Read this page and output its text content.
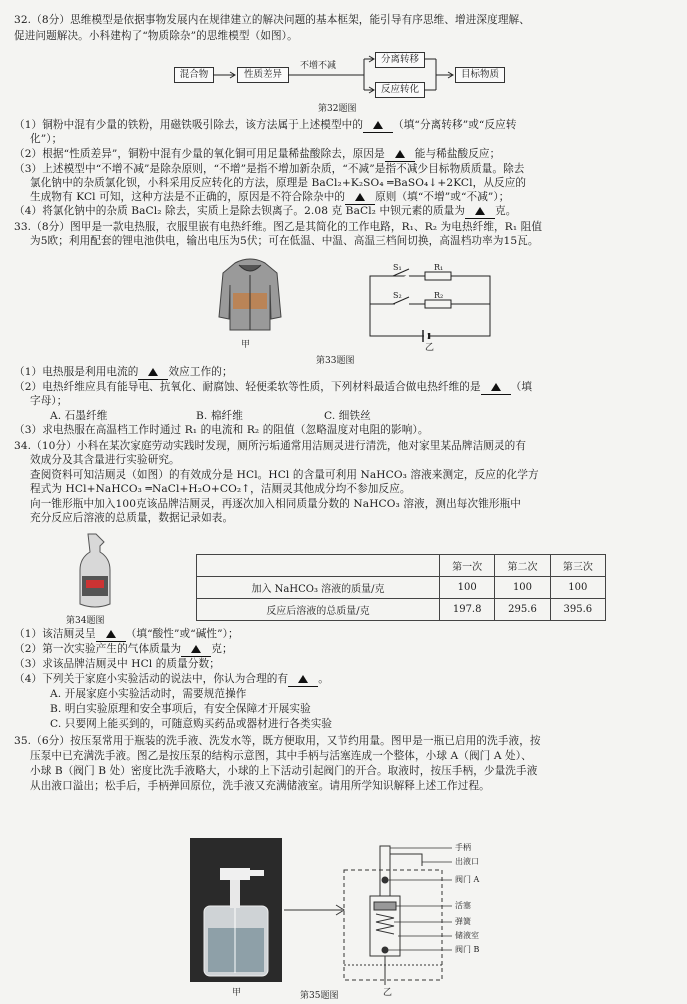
32.（8分）思维模型是依据事物发展内在规律建立的解决问题的基本框架，能引导有序思维、增进深度理解、
促进问题解决。小科建构了“物质除杂”的思维模型（如图）。
混合物	性质差异
不增不减
分离转移
反应转化
目标物质
第32题图
（1）铜粉中混有少量的铁粉，用磁铁吸引除去，该方法属于上述模型中的	（填“分离转移”或“反应转
化”）；
（2）根据“性质差异”，铜粉中混有少量的氧化铜可用足量稀盐酸除去，原因是	能与稀盐酸反应；
（3）上述模型中“不增不减”是除杂原则，“不增”是指不增加新杂质，“不减”是指不减少目标物质质量。除去
氯化钠中的杂质氯化钡，小科采用反应转化的方法，原理是 BaCl₂+K₂SO₄ ═BaSO₄↓+2KCl，从反应的
生成物有 KCl 可知，这种方法是不正确的，原因是不符合除杂中的	原则（填“不增”或“不减”）；
（4）将氯化钠中的杂质 BaCl₂ 除去，实质上是除去钡离子。2.08 克 BaCl₂ 中钡元素的质量为	克。
33.（8分）图甲是一款电热服，衣服里嵌有电热纤维。图乙是其简化的工作电路，R₁、R₂ 为电热纤维，R₁ 阻值
为5欧；利用配套的锂电池供电，输出电压为5伏；可在低温、中温、高温三档间切换，高温档功率为15瓦。
甲
S₁	R₁
S₂	R₂
乙
第33题图
（1）电热服是利用电流的	效应工作的；
（2）电热纤维应具有能导电、抗氧化、耐腐蚀、轻便柔软等性质，下列材料最适合做电热纤维的是	（填
字母）；
A. 石墨纤维	B. 棉纤维	C. 细铁丝
（3）求电热服在高温档工作时通过 R₁ 的电流和 R₂ 的阻值（忽略温度对电阻的影响）。
34.（10分）小科在某次家庭劳动实践时发现，厕所污垢通常用洁厕灵进行清洗，他对家里某品牌洁厕灵的有
效成分及其含量进行实验研究。
查阅资料可知洁厕灵（如图）的有效成分是 HCl。HCl 的含量可利用 NaHCO₃ 溶液来测定，反应的化学方
程式为 HCl+NaHCO₃ ═NaCl+H₂O+CO₂↑，洁厕灵其他成分均不参加反应。
向一锥形瓶中加入100克该品牌洁厕灵，再逐次加入相同质量分数的 NaHCO₃ 溶液，测出每次锥形瓶中
充分反应后溶液的总质量，数据记录如表。
第34题图
	第一次	第二次	第三次
加入 NaHCO₃ 溶液的质量/克	100	100	100
反应后溶液的总质量/克	197.8	295.6	395.6
（1）该洁厕灵呈	（填“酸性”或“碱性”）；
（2）第一次实验产生的气体质量为	克；
（3）求该品牌洁厕灵中 HCl 的质量分数；
（4）下列关于家庭小实验活动的说法中，你认为合理的有	。
A. 开展家庭小实验活动时，需要规范操作
B. 明白实验原理和安全事项后，有安全保障才开展实验
C. 只要网上能买到的，可随意购买药品或器材进行各类实验
35.（6分）按压泵常用于瓶装的洗手液、洗发水等，既方便取用，又节约用量。图甲是一瓶已启用的洗手液，按
压泵中已充满洗手液。图乙是按压泵的结构示意图，其中手柄与活塞连成一个整体，小球 A（阀门 A 处）、
小球 B（阀门 B 处）密度比洗手液略大，小球的上下活动引起阀门的开合。取液时，按压手柄，少量洗手液
从出液口溢出；松手后，手柄弹回原位，洗手液又充满储液室。请用所学知识解释上述工作过程。
甲
手柄
出液口
阀门 A
活塞
弹簧
储液室
阀门 B
乙
第35题图
